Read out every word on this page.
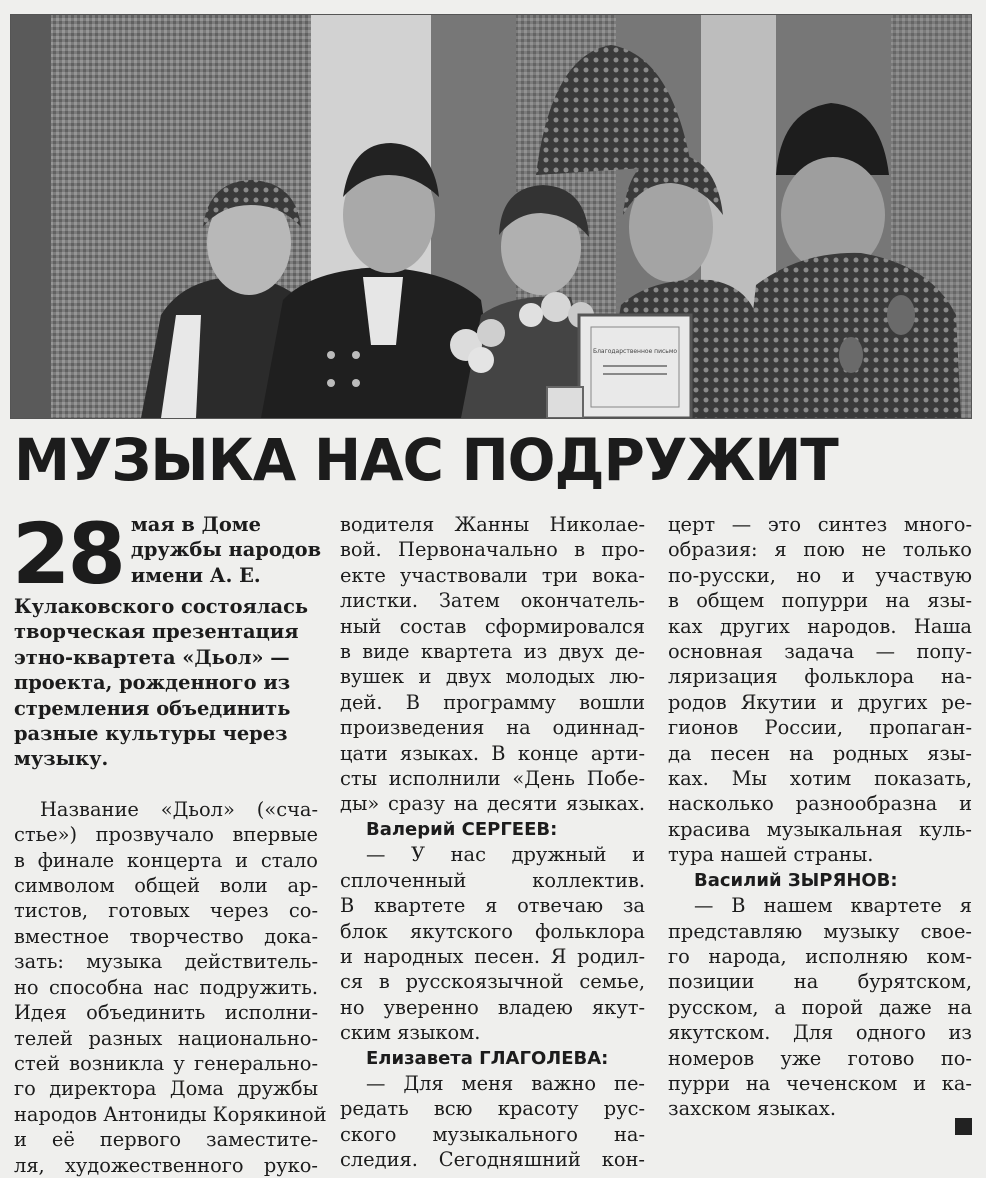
Благодарственное письмо
МУЗЫКА НАС ПОДРУЖИТ
28 мая в Доме
дружбы народов
имени А. Е.
Кулаковского состоялась
творческая презентация
этно-квартета «Дьол» —
проекта, рожденного из
стремления объединить
разные культуры через
музыку.
Название «Дьол» («сча-
стье») прозвучало впервые
в финале концерта и стало
символом общей воли ар-
тистов, готовых через со-
вместное творчество дока-
зать: музыка действитель-
но способна нас подружить.
Идея объединить исполни-
телей разных национально-
стей возникла у генерально-
го директора Дома дружбы
народов Антониды Корякиной
и её первого заместите-
ля, художественного руко-
водителя Жанны Николае-
вой. Первоначально в про-
екте участвовали три вока-
листки. Затем окончатель-
ный состав сформировался
в виде квартета из двух де-
вушек и двух молодых лю-
дей. В программу вошли
произведения на одиннад-
цати языках. В конце арти-
сты исполнили «День Побе-
ды» сразу на десяти языках.
Валерий СЕРГЕЕВ:
— У нас дружный и
сплоченный коллектив.
В квартете я отвечаю за
блок якутского фольклора
и народных песен. Я родил-
ся в русскоязычной семье,
но уверенно владею якут-
ским языком.
Елизавета ГЛАГОЛЕВА:
— Для меня важно пе-
редать всю красоту рус-
ского музыкального на-
следия. Сегодняшний кон-
церт — это синтез много-
образия: я пою не только
по-русски, но и участвую
в общем попурри на язы-
ках других народов. Наша
основная задача — попу-
ляризация фольклора на-
родов Якутии и других ре-
гионов России, пропаган-
да песен на родных язы-
ках. Мы хотим показать,
насколько разнообразна и
красива музыкальная куль-
тура нашей страны.
Василий ЗЫРЯНОВ:
— В нашем квартете я
представляю музыку свое-
го народа, исполняю ком-
позиции на бурятском,
русском, а порой даже на
якутском. Для одного из
номеров уже готово по-
пурри на чеченском и ка-
захском языках.
